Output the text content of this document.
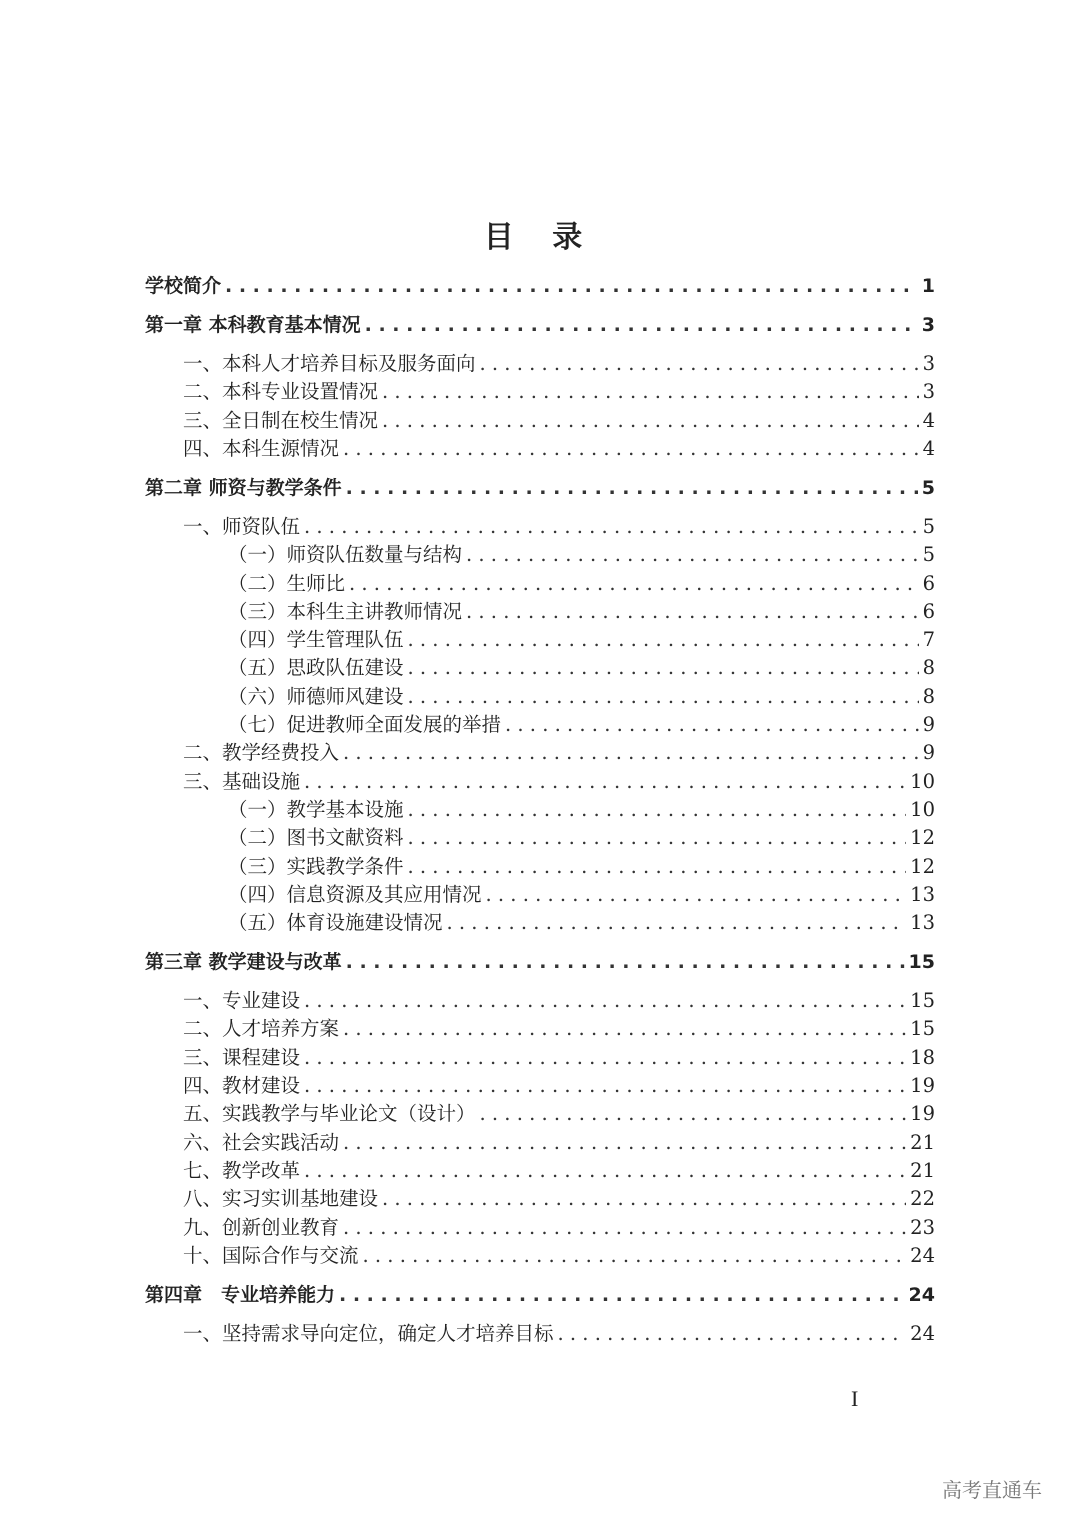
目 录
学校简介 . . .	1
第一章 本科教育基本情况 . . .	3
一、本科人才培养目标及服务面向 . . .	3
二、本科专业设置情况 . . .	3
三、全日制在校生情况 . . .	4
四、本科生源情况 . . .	4
第二章 师资与教学条件 . . .	5
一、师资队伍 . . .	5
（一）师资队伍数量与结构 . . .	5
（二）生师比 . . .	6
（三）本科生主讲教师情况 . . .	6
（四）学生管理队伍 . . .	7
（五）思政队伍建设 . . .	8
（六）师德师风建设 . . .	8
（七）促进教师全面发展的举措 . . .	9
二、教学经费投入 . . .	9
三、基础设施 . . .	10
（一）教学基本设施 . . .	10
（二）图书文献资料 . . .	12
（三）实践教学条件 . . .	12
（四）信息资源及其应用情况 . . .	13
（五）体育设施建设情况 . . .	13
第三章 教学建设与改革 . . .	15
一、专业建设 . . .	15
二、人才培养方案 . . .	15
三、课程建设 . . .	18
四、教材建设 . . .	19
五、实践教学与毕业论文（设计） . . .	19
六、社会实践活动 . . .	21
七、教学改革 . . .	21
八、实习实训基地建设 . . .	22
九、创新创业教育 . . .	23
十、国际合作与交流 . . .	24
第四章　专业培养能力 . . .	24
一、坚持需求导向定位，确定人才培养目标 . . .	24
I
高考直通车
